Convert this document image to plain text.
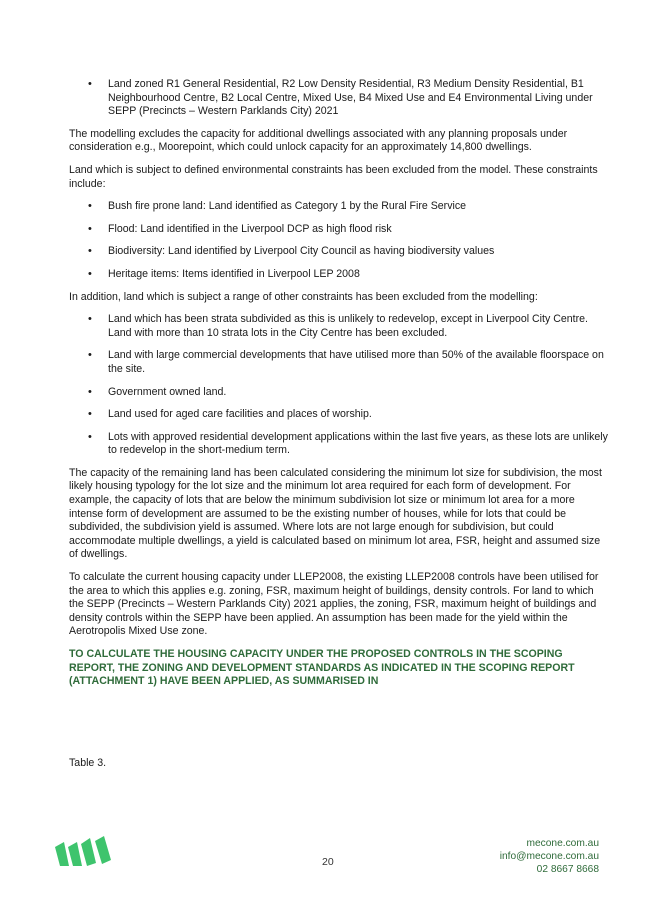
• Land zoned R1 General Residential, R2 Low Density Residential, R3 Medium Density Residential, B1 Neighbourhood Centre, B2 Local Centre, Mixed Use, B4 Mixed Use and E4 Environmental Living under SEPP (Precincts – Western Parklands City) 2021

The modelling excludes the capacity for additional dwellings associated with any planning proposals under consideration e.g., Moorepoint, which could unlock capacity for an approximately 14,800 dwellings.

Land which is subject to defined environmental constraints has been excluded from the model. These constraints include:

• Bush fire prone land: Land identified as Category 1 by the Rural Fire Service
• Flood: Land identified in the Liverpool DCP as high flood risk
• Biodiversity: Land identified by Liverpool City Council as having biodiversity values
• Heritage items: Items identified in Liverpool LEP 2008

In addition, land which is subject a range of other constraints has been excluded from the modelling:

• Land which has been strata subdivided as this is unlikely to redevelop, except in Liverpool City Centre. Land with more than 10 strata lots in the City Centre has been excluded.
• Land with large commercial developments that have utilised more than 50% of the available floorspace on the site.
• Government owned land.
• Land used for aged care facilities and places of worship.
• Lots with approved residential development applications within the last five years, as these lots are unlikely to redevelop in the short-medium term.

The capacity of the remaining land has been calculated considering the minimum lot size for subdivision, the most likely housing typology for the lot size and the minimum lot area required for each form of development. For example, the capacity of lots that are below the minimum subdivision lot size or minimum lot area for a more intense form of development are assumed to be the existing number of houses, while for lots that could be subdivided, the subdivision yield is assumed. Where lots are not large enough for subdivision, but could accommodate multiple dwellings, a yield is calculated based on minimum lot area, FSR, height and assumed size of dwellings.

To calculate the current housing capacity under LLEP2008, the existing LLEP2008 controls have been utilised for the area to which this applies e.g. zoning, FSR, maximum height of buildings, density controls. For land to which the SEPP (Precincts – Western Parklands City) 2021 applies, the zoning, FSR, maximum height of buildings and density controls within the SEPP have been applied. An assumption has been made for the yield within the Aerotropolis Mixed Use zone.

TO CALCULATE THE HOUSING CAPACITY UNDER THE PROPOSED CONTROLS IN THE SCOPING REPORT, THE ZONING AND DEVELOPMENT STANDARDS AS INDICATED IN THE SCOPING REPORT (ATTACHMENT 1) HAVE BEEN APPLIED, AS SUMMARISED IN

Table 3.
20
mecone.com.au
info@mecone.com.au
02 8667 8668
